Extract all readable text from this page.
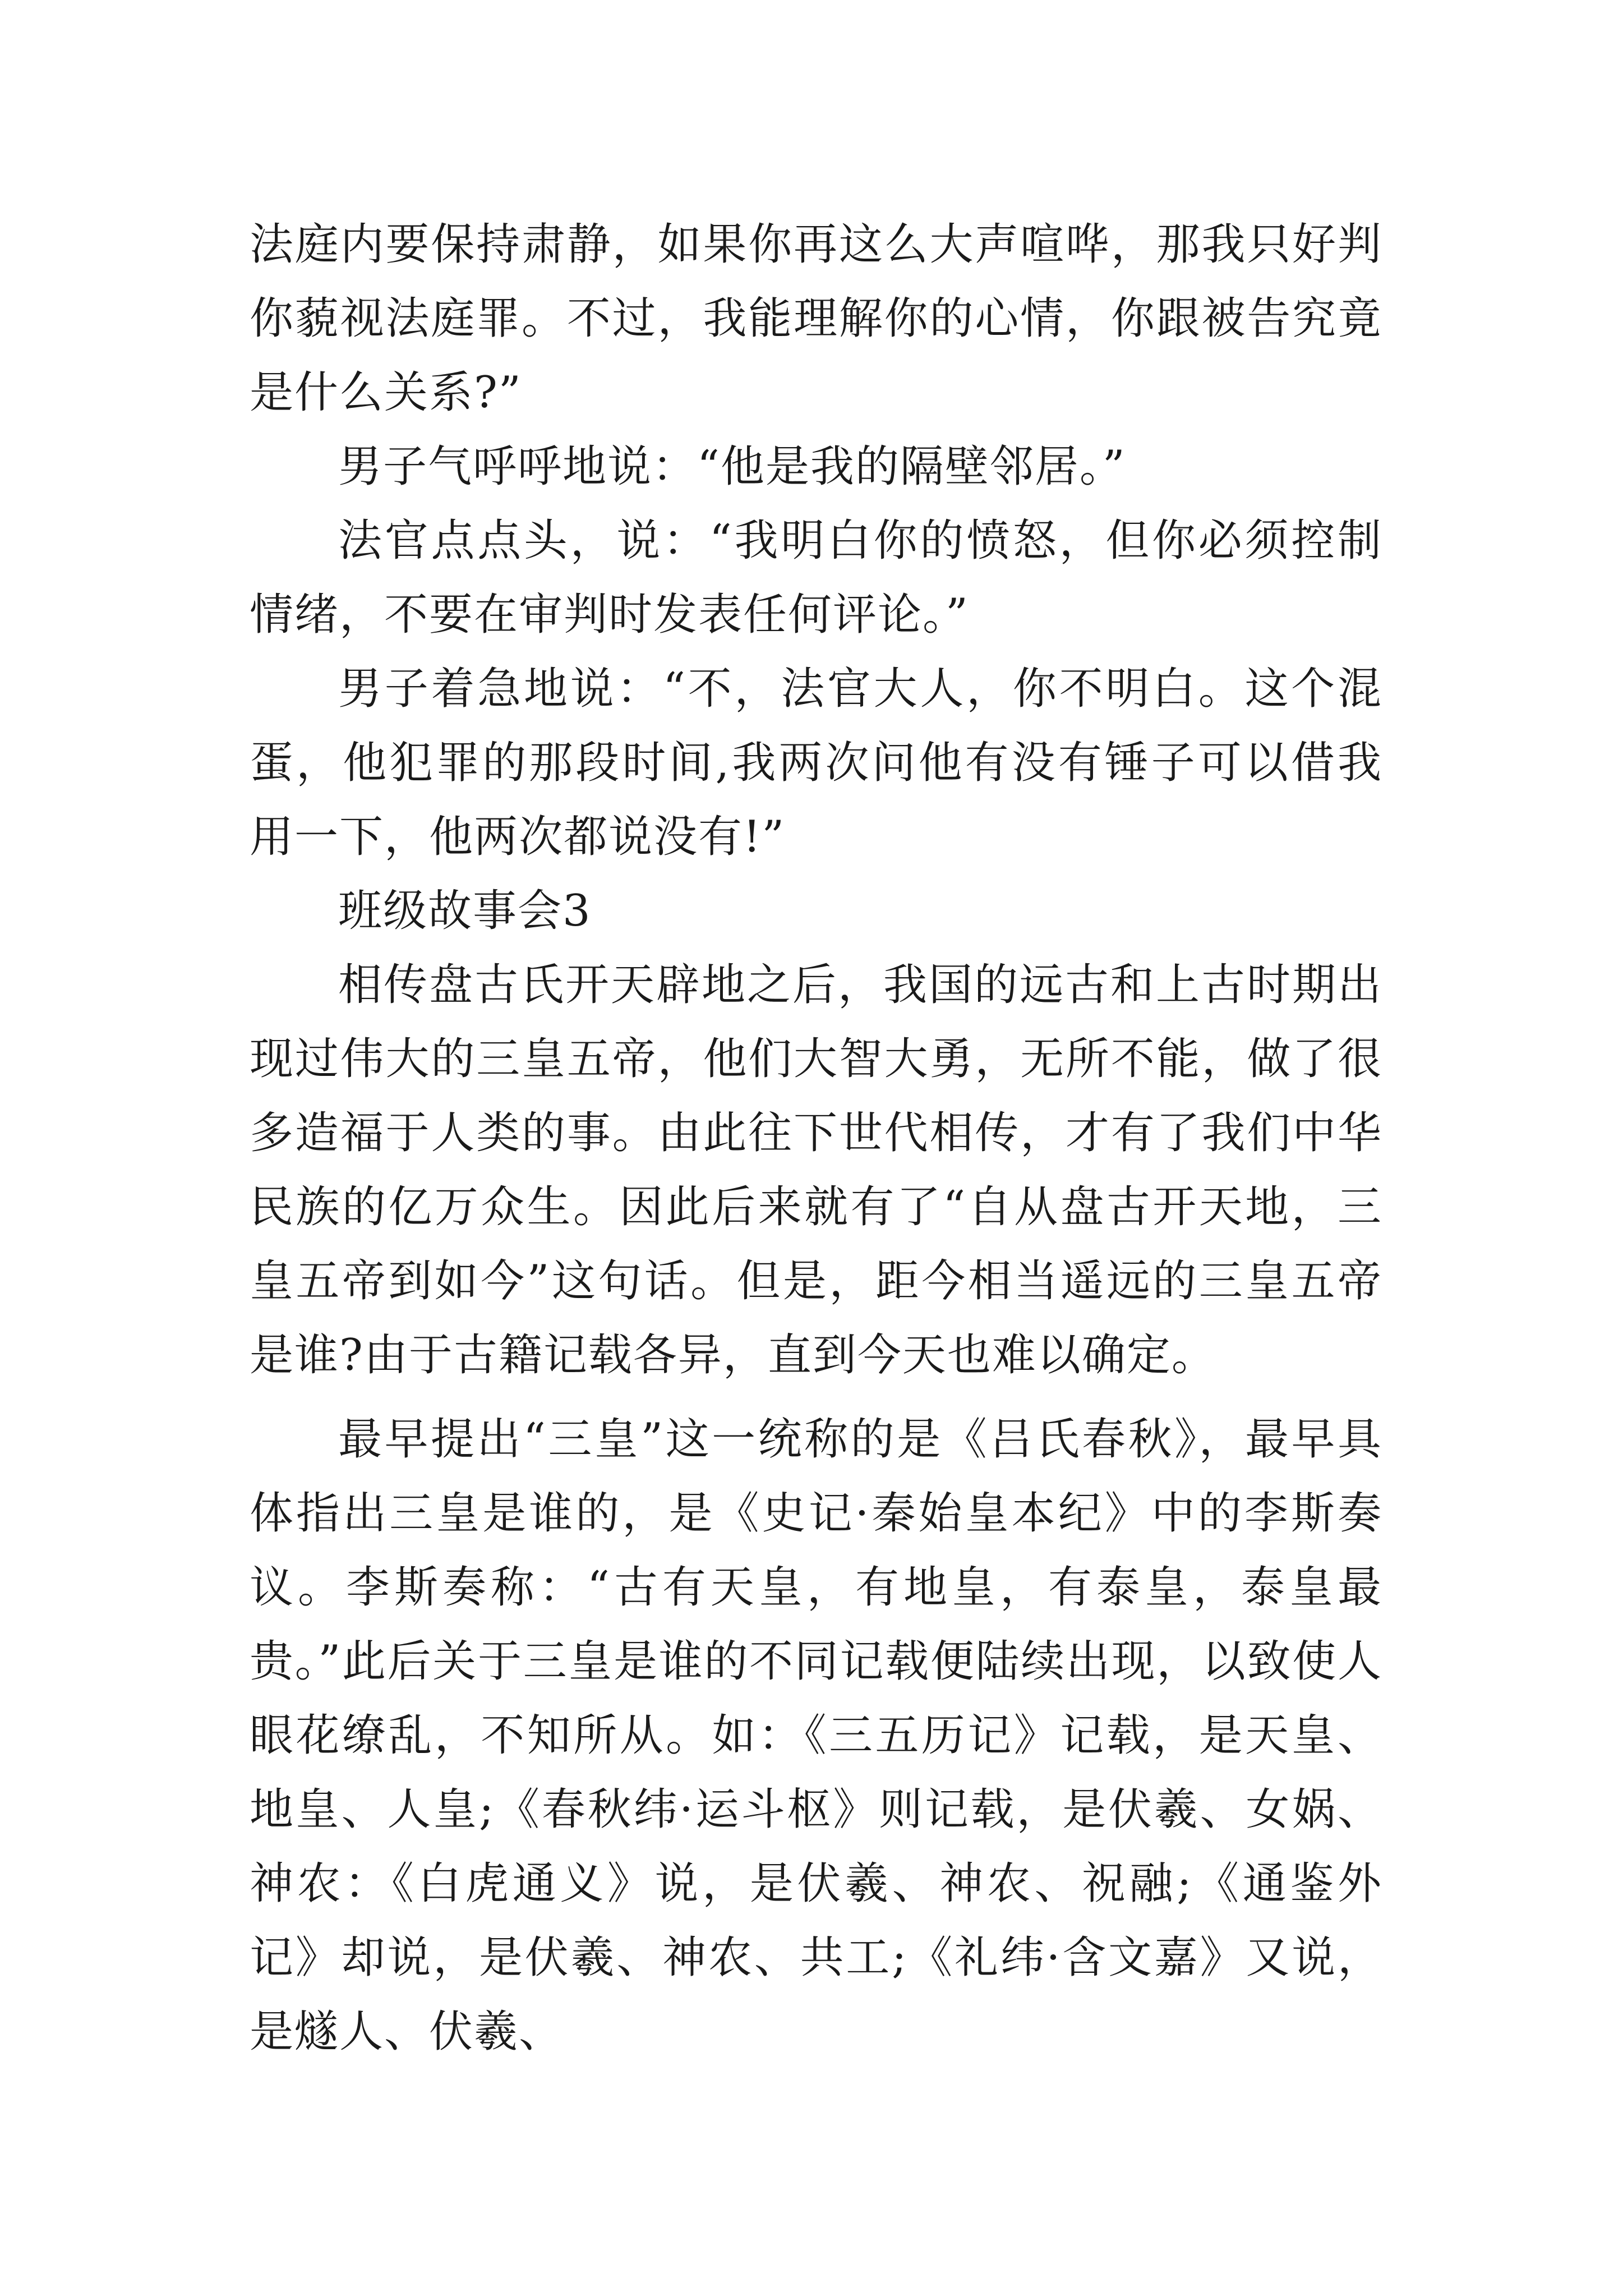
法庭内要保持肃静，如果你再这么大声喧哗，那我只好判你藐视法庭罪。不过，我能理解你的心情，你跟被告究竟是什么关系?”

男子气呼呼地说：“他是我的隔壁邻居。”

法官点点头，说：“我明白你的愤怒，但你必须控制情绪，不要在审判时发表任何评论。”

男子着急地说：“不，法官大人，你不明白。这个混蛋，他犯罪的那段时间,我两次问他有没有锤子可以借我用一下，他两次都说没有!”

班级故事会3

相传盘古氏开天辟地之后，我国的远古和上古时期出现过伟大的三皇五帝，他们大智大勇，无所不能，做了很多造福于人类的事。由此往下世代相传，才有了我们中华民族的亿万众生。因此后来就有了“自从盘古开天地，三皇五帝到如今”这句话。但是，距今相当遥远的三皇五帝是谁?由于古籍记载各异，直到今天也难以确定。

最早提出“三皇”这一统称的是《吕氏春秋》，最早具体指出三皇是谁的，是《史记·秦始皇本纪》中的李斯奏议。李斯奏称：“古有天皇，有地皇，有泰皇，泰皇最贵。”此后关于三皇是谁的不同记载便陆续出现，以致使人眼花缭乱，不知所从。如：《三五历记》记载，是天皇、地皇、人皇;《春秋纬·运斗枢》则记载，是伏羲、女娲、神农：《白虎通义》说，是伏羲、神农、祝融;《通鉴外记》却说，是伏羲、神农、共工;《礼纬·含文嘉》又说，是燧人、伏羲、
